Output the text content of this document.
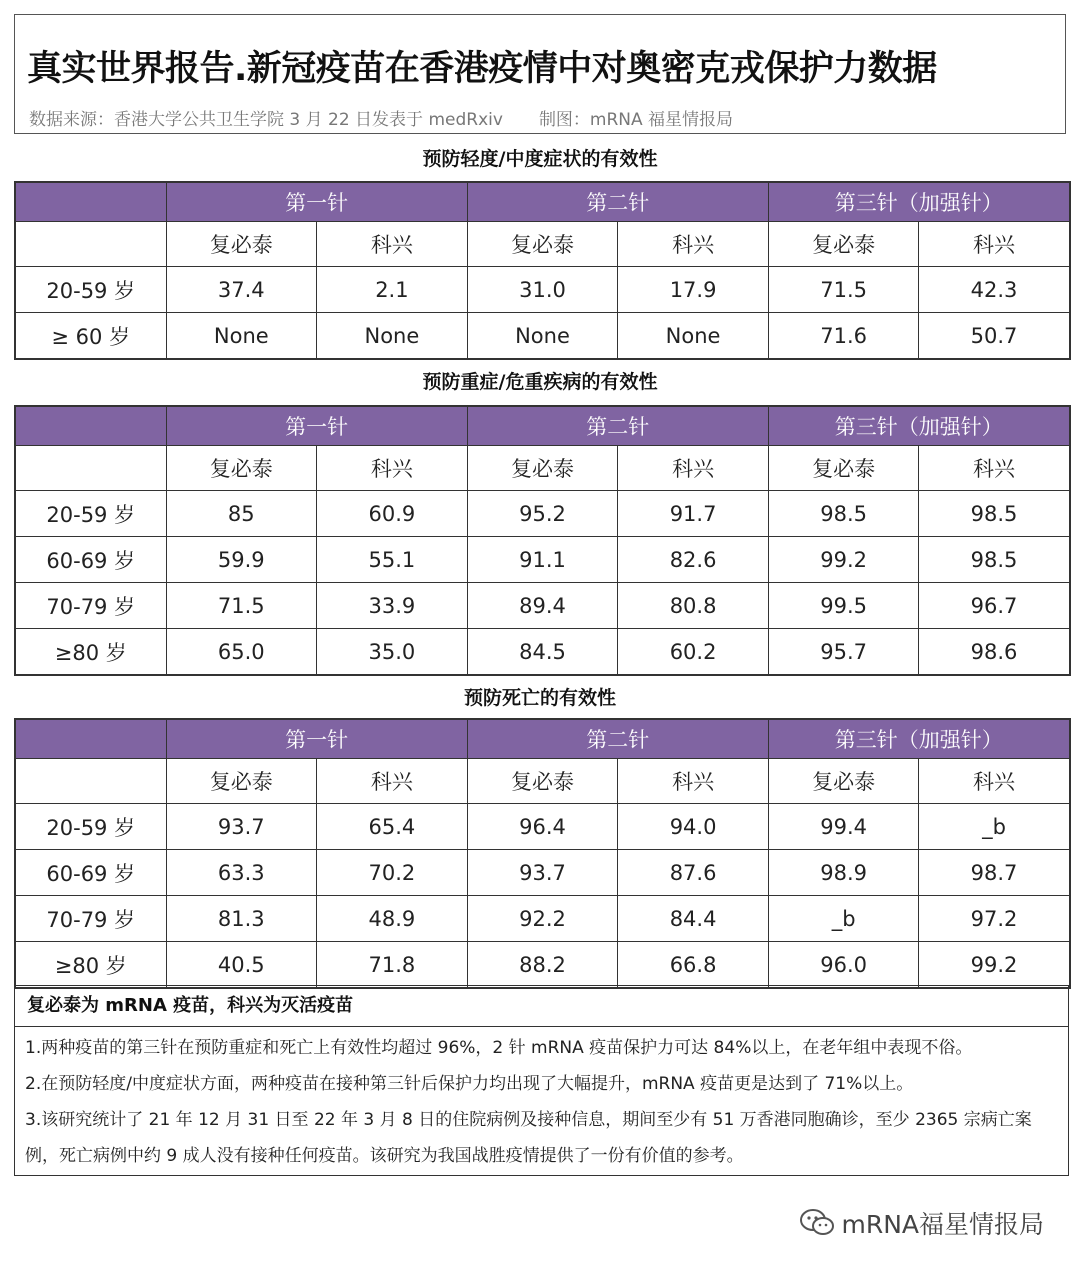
真实世界报告.新冠疫苗在香港疫情中对奥密克戎保护力数据
数据来源：香港大学公共卫生学院 3 月 22 日发表于 medRxiv 制图：mRNA 福星情报局
预防轻度/中度症状的有效性
	第一针		第二针		第三针（加强针）	
	复必泰	科兴	复必泰	科兴	复必泰	科兴
20-59 岁	37.4	2.1	31.0	17.9	71.5	42.3
≥ 60 岁	None	None	None	None	71.6	50.7
预防重症/危重疾病的有效性
	第一针		第二针		第三针（加强针）	
	复必泰	科兴	复必泰	科兴	复必泰	科兴
20-59 岁	85	60.9	95.2	91.7	98.5	98.5
60-69 岁	59.9	55.1	91.1	82.6	99.2	98.5
70-79 岁	71.5	33.9	89.4	80.8	99.5	96.7
≥80 岁	65.0	35.0	84.5	60.2	95.7	98.6
预防死亡的有效性
	第一针		第二针		第三针（加强针）	
	复必泰	科兴	复必泰	科兴	复必泰	科兴
20-59 岁	93.7	65.4	96.4	94.0	99.4	_b
60-69 岁	63.3	70.2	93.7	87.6	98.9	98.7
70-79 岁	81.3	48.9	92.2	84.4	_b	97.2
≥80 岁	40.5	71.8	88.2	66.8	96.0	99.2
复必泰为 mRNA 疫苗，科兴为灭活疫苗
1.两种疫苗的第三针在预防重症和死亡上有效性均超过 96%，2 针 mRNA 疫苗保护力可达 84%以上，在老年组中表现不俗。
2.在预防轻度/中度症状方面，两种疫苗在接种第三针后保护力均出现了大幅提升，mRNA 疫苗更是达到了 71%以上。
3.该研究统计了 21 年 12 月 31 日至 22 年 3 月 8 日的住院病例及接种信息，期间至少有 51 万香港同胞确诊，至少 2365 宗病亡案例，死亡病例中约 9 成人没有接种任何疫苗。该研究为我国战胜疫情提供了一份有价值的参考。
mRNA福星情报局
